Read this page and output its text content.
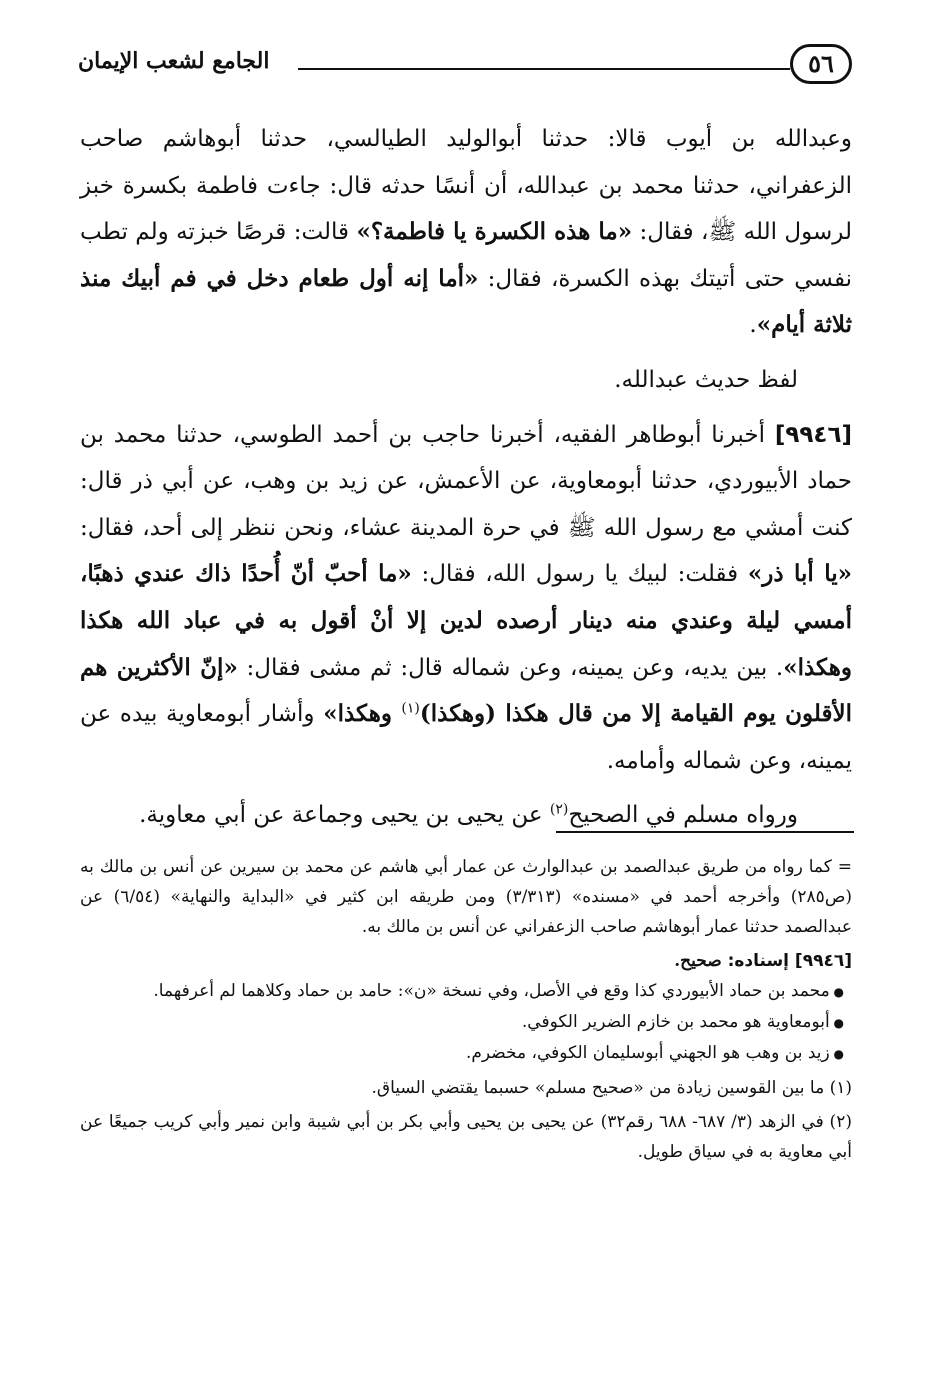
٥٦
الجامع لشعب الإيمان

وعبدالله بن أيوب قالا: حدثنا أبوالوليد الطيالسي، حدثنا أبوهاشم صاحب الزعفراني، حدثنا محمد بن عبدالله، أن أنسًا حدثه قال: جاءت فاطمة بكسرة خبز لرسول الله ﷺ، فقال: «ما هذه الكسرة يا فاطمة؟» قالت: قرصًا خبزته ولم تطب نفسي حتى أتيتك بهذه الكسرة، فقال: «أما إنه أول طعام دخل في فم أبيك منذ ثلاثة أيام».

لفظ حديث عبدالله.

[٩٩٤٦] أخبرنا أبوطاهر الفقيه، أخبرنا حاجب بن أحمد الطوسي، حدثنا محمد بن حماد الأبيوردي، حدثنا أبومعاوية، عن الأعمش، عن زيد بن وهب، عن أبي ذر قال: كنت أمشي مع رسول الله ﷺ في حرة المدينة عشاء، ونحن ننظر إلى أحد، فقال: «يا أبا ذر» فقلت: لبيك يا رسول الله، فقال: «ما أحبّ أنّ أُحدًا ذاك عندي ذهبًا، أمسي ليلة وعندي منه دينار أرصده لدين إلا أنْ أقول به في عباد الله هكذا وهكذا». بين يديه، وعن يمينه، وعن شماله قال: ثم مشى فقال: «إنّ الأكثرين هم الأقلون يوم القيامة إلا من قال هكذا (وهكذا)$^{(١)}$ وهكذا» وأشار أبومعاوية بيده عن يمينه، وعن شماله وأمامه.

ورواه مسلم في الصحيح$^{(٢)}$ عن يحيى بن يحيى وجماعة عن أبي معاوية.

= كما رواه من طريق عبدالصمد بن عبدالوارث عن عمار أبي هاشم عن محمد بن سيرين عن أنس بن مالك به (ص٢٨٥) وأخرجه أحمد في «مسنده» (٣/٣١٣) ومن طريقه ابن كثير في «البداية والنهاية» (٦/٥٤) عن عبدالصمد حدثنا عمار أبوهاشم صاحب الزعفراني عن أنس بن مالك به.

[٩٩٤٦] إسناده: صحيح.

● محمد بن حماد الأبيوردي كذا وقع في الأصل، وفي نسخة «ن»: حامد بن حماد وكلاهما لم أعرفهما.

● أبومعاوية هو محمد بن خازم الضرير الكوفي.

● زيد بن وهب هو الجهني أبوسليمان الكوفي، مخضرم.

(١) ما بين القوسين زيادة من «صحيح مسلم» حسبما يقتضي السياق.

(٢) في الزهد (٣/ ٦٨٧- ٦٨٨ رقم٣٢) عن يحيى بن يحيى وأبي بكر بن أبي شيبة وابن نمير وأبي كريب جميعًا عن أبي معاوية به في سياق طويل.
